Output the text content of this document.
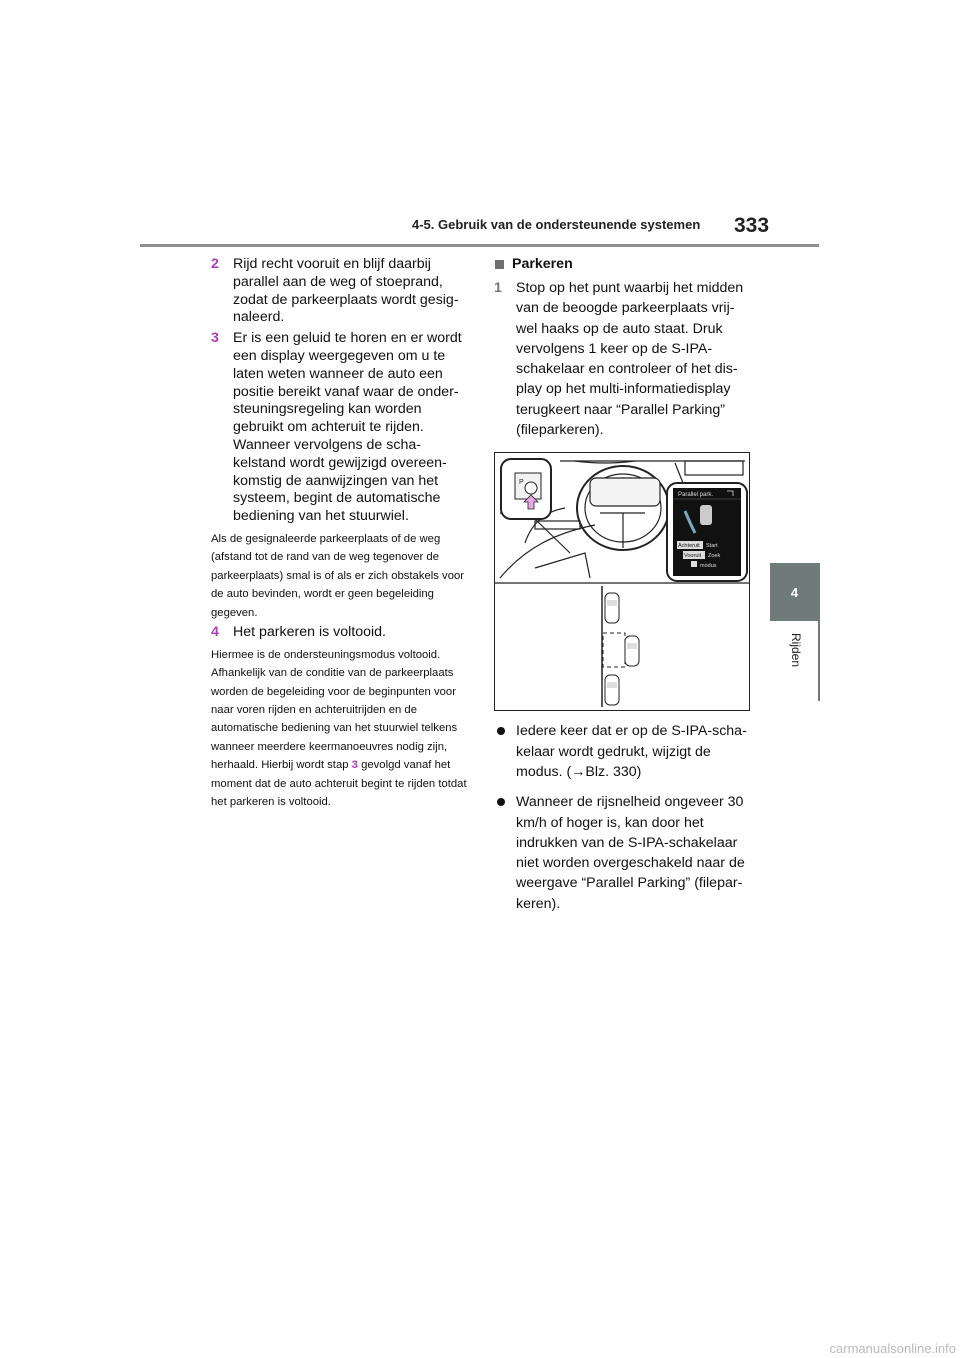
4-5. Gebruik van de ondersteunende systemen 333
4
Rijden
2 Rijd recht vooruit en blijf daarbij parallel aan de weg of stoeprand, zodat de parkeerplaats wordt gesignaleerd.
3 Er is een geluid te horen en er wordt een display weergegeven om u te laten weten wanneer de auto een positie bereikt vanaf waar de ondersteuningsregeling kan worden gebruikt om achteruit te rijden. Wanneer vervolgens de schakelstand wordt gewijzigd overeenkomstig de aanwijzingen van het systeem, begint de automatische bediening van het stuurwiel.
Als de gesignaleerde parkeerplaats of de weg (afstand tot de rand van de weg tegenover de parkeerplaats) smal is of als er zich obstakels voor de auto bevinden, wordt er geen begeleiding gegeven.
4 Het parkeren is voltooid.
Hiermee is de ondersteuningsmodus voltooid. Afhankelijk van de conditie van de parkeerplaats worden de begeleiding voor de beginpunten voor naar voren rijden en achteruitrijden en de automatische bediening van het stuurwiel telkens wanneer meerdere keermanoeuvres nodig zijn, herhaald. Hierbij wordt stap 3 gevolgd vanaf het moment dat de auto achteruit begint te rijden totdat het parkeren is voltooid.
Parkeren
1 Stop op het punt waarbij het midden van de beoogde parkeerplaats vrijwel haaks op de auto staat. Druk vervolgens 1 keer op de S-IPA-schakelaar en controleer of het display op het multi-informatiedisplay terugkeert naar “Parallel Parking” (fileparkeren).
P
Parallel park.
Achteruit Start
Vooruit Zoek
modus
Iedere keer dat er op de S-IPA-schakelaar wordt gedrukt, wijzigt de modus. (→Blz. 330)
Wanneer de rijsnelheid ongeveer 30 km/h of hoger is, kan door het indrukken van de S-IPA-schakelaar niet worden overgeschakeld naar de weergave “Parallel Parking” (fileparkeren).
carmanualsonline.info
